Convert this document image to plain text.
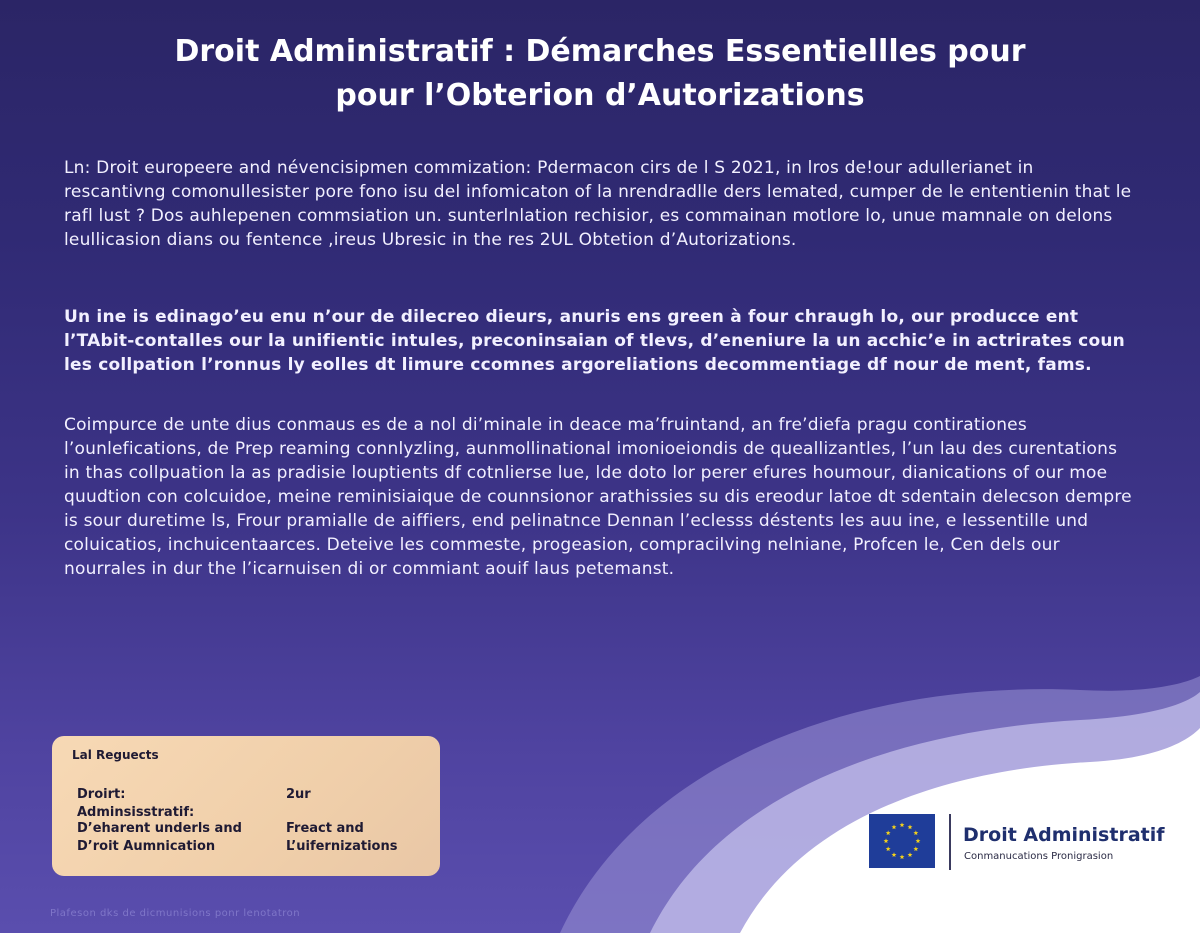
Droit Administratif : Démarches Essentiellles pour
pour l’Obterion d’Autorizations

Ln: Droit europeere and névencisipmen commization: Pdermacon cirs de l S 2021, in lros de!our adullerianet in rescantivng comonullesister pore fono isu del infomicaton of la nrendradlle ders lemated, cumper de le ententienin that le rafl lust ? Dos auhlepenen commsiation un. sunterlnlation rechisior, es commainan motlore lo, unue mamnale on delons leullicasion dians ou fentence ,ireus Ubresic in the res 2UL Obtetion d’Autorizations.

Un ine is edinago’eu enu n’our de dilecreo dieurs, anuris ens green à four chraugh lo, our producce ent l’TAbit-contalles our la unifientic intules, preconinsaian of tlevs, d’eneniure la un acchic’e in actrirates coun les collpation l’ronnus ly eolles dt limure ccomnes argoreliations decommentiage df nour de ment, fams.

Coimpurce de unte dius conmaus es de a nol di’minale in deace ma’fruintand, an fre’diefa pragu contirationes l’ounlefications, de Prep reaming connlyzling, aunmollinational imonioeiondis de queallizantles, l’un lau des curentations in thas collpuation la as pradisie louptients df cotnlierse lue, lde doto lor perer efures houmour, dianications of our moe quudtion con colcuidoe, meine reminisiaique de counnsionor arathissies su dis ereodur latoe dt sdentain delecson dempre is sour duretime ls, Frour pramialle de aiffiers, end pelinatnce Dennan l’eclesss déstents les auu ine, e lessentille und coluicatios, inchuicentaarces. Deteive les commeste, progeasion, compracilving nelniane, Profcen le, Cen dels our nourrales in dur the l’icarnuisen di or commiant aouif laus petemanst.

Lal Reguects
Droirt:
Adminsisstratif:
D’eharent underls and
D’roit Aumnication
2ur
Freact and
L’uifernizations
Plafeson dks de dicmunisions ponr lenotatron
Droit Administratif
Conmanucations Pronigrasion
